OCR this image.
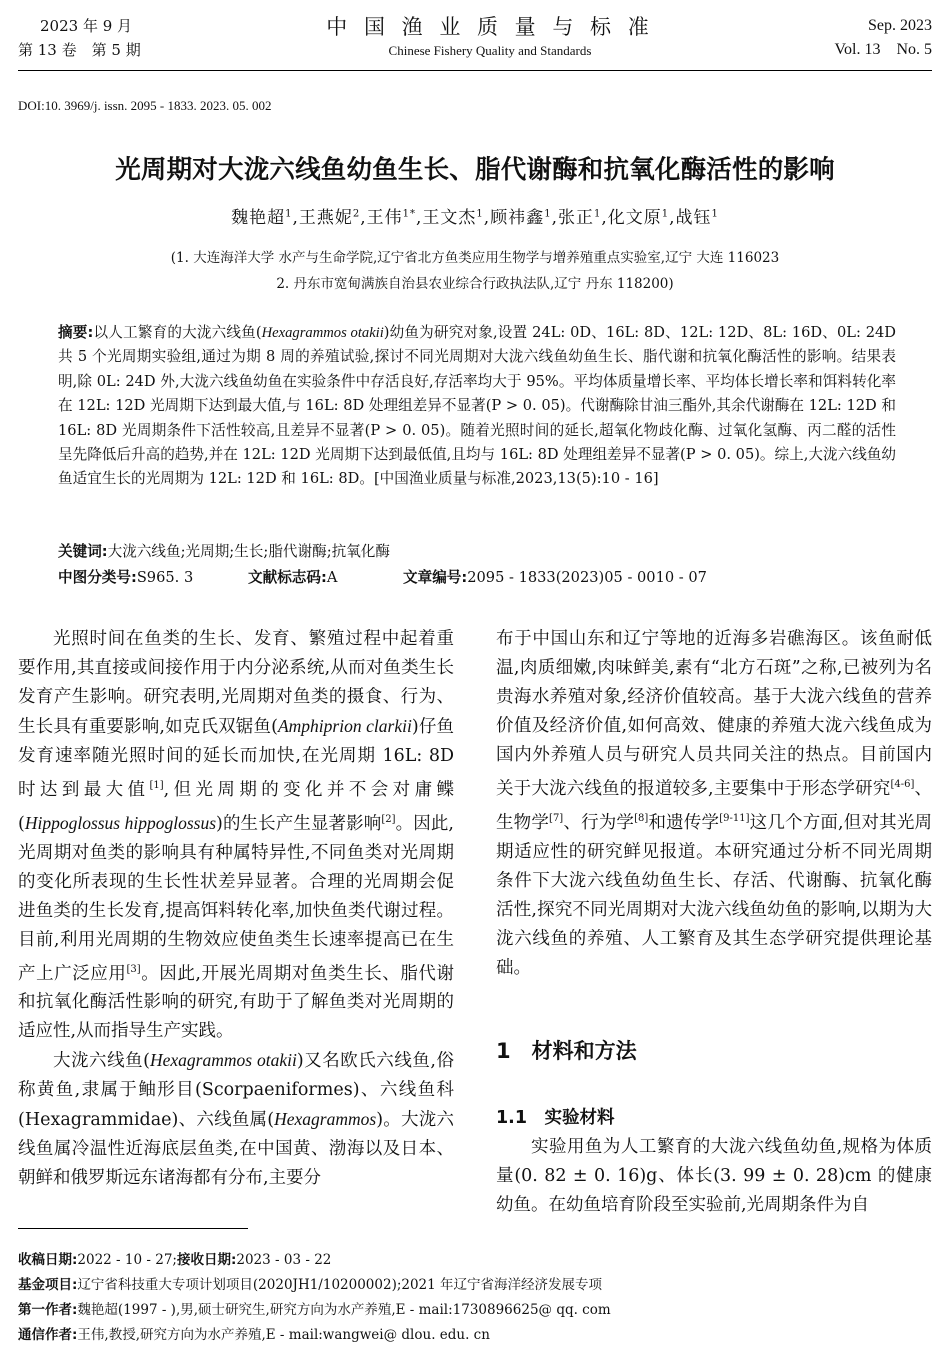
2023 年 9 月
第 13 卷　第 5 期
中 国 渔 业 质 量 与 标 准
Chinese Fishery Quality and Standards
Sep. 2023
Vol. 13　No. 5
DOI:10. 3969/j. issn. 2095 - 1833. 2023. 05. 002
光周期对大泷六线鱼幼鱼生长、脂代谢酶和抗氧化酶活性的影响
魏艳超$^1$,王燕妮$^2$,王伟$^{1*}$,王文杰$^1$,顾祎鑫$^1$,张正$^1$,化文原$^1$,战钰$^1$
(1. 大连海洋大学 水产与生命学院,辽宁省北方鱼类应用生物学与增养殖重点实验室,辽宁 大连 116023
2. 丹东市宽甸满族自治县农业综合行政执法队,辽宁 丹东 118200)
摘要:以人工繁育的大泷六线鱼(Hexagrammos otakii)幼鱼为研究对象,设置 24L: 0D、16L: 8D、12L: 12D、8L: 16D、0L: 24D 共 5 个光周期实验组,通过为期 8 周的养殖试验,探讨不同光周期对大泷六线鱼幼鱼生长、脂代谢和抗氧化酶活性的影响。结果表明,除 0L: 24D 外,大泷六线鱼幼鱼在实验条件中存活良好,存活率均大于 95%。平均体质量增长率、平均体长增长率和饵料转化率在 12L: 12D 光周期下达到最大值,与 16L: 8D 处理组差异不显著(P > 0. 05)。代谢酶除甘油三酯外,其余代谢酶在 12L: 12D 和 16L: 8D 光周期条件下活性较高,且差异不显著(P > 0. 05)。随着光照时间的延长,超氧化物歧化酶、过氧化氢酶、丙二醛的活性呈先降低后升高的趋势,并在 12L: 12D 光周期下达到最低值,且均与 16L: 8D 处理组差异不显著(P > 0. 05)。综上,大泷六线鱼幼鱼适宜生长的光周期为 12L: 12D 和 16L: 8D。[中国渔业质量与标准,2023,13(5):10 - 16]
关键词:大泷六线鱼;光周期;生长;脂代谢酶;抗氧化酶
中图分类号:S965. 3	文献标志码:A	文章编号:2095 - 1833(2023)05 - 0010 - 07

光照时间在鱼类的生长、发育、繁殖过程中起着重要作用,其直接或间接作用于内分泌系统,从而对鱼类生长发育产生影响。研究表明,光周期对鱼类的摄食、行为、生长具有重要影响,如克氏双锯鱼(Amphiprion clarkii)仔鱼发育速率随光照时间的延长而加快,在光周期 16L: 8D 时达到最大值[1],但光周期的变化并不会对庸鲽(Hippoglossus hippoglossus)的生长产生显著影响[2]。因此,光周期对鱼类的影响具有种属特异性,不同鱼类对光周期的变化所表现的生长性状差异显著。合理的光周期会促进鱼类的生长发育,提高饵料转化率,加快鱼类代谢过程。目前,利用光周期的生物效应使鱼类生长速率提高已在生产上广泛应用[3]。因此,开展光周期对鱼类生长、脂代谢和抗氧化酶活性影响的研究,有助于了解鱼类对光周期的适应性,从而指导生产实践。

大泷六线鱼(Hexagrammos otakii)又名欧氏六线鱼,俗称黄鱼,隶属于鲉形目(Scorpaeniformes)、六线鱼科(Hexagrammidae)、六线鱼属(Hexagrammos)。大泷六线鱼属冷温性近海底层鱼类,在中国黄、渤海以及日本、朝鲜和俄罗斯远东诸海都有分布,主要分

布于中国山东和辽宁等地的近海多岩礁海区。该鱼耐低温,肉质细嫩,肉味鲜美,素有“北方石斑”之称,已被列为名贵海水养殖对象,经济价值较高。基于大泷六线鱼的营养价值及经济价值,如何高效、健康的养殖大泷六线鱼成为国内外养殖人员与研究人员共同关注的热点。目前国内关于大泷六线鱼的报道较多,主要集中于形态学研究[4-6]、生物学[7]、行为学[8]和遗传学[9-11]这几个方面,但对其光周期适应性的研究鲜见报道。本研究通过分析不同光周期条件下大泷六线鱼幼鱼生长、存活、代谢酶、抗氧化酶活性,探究不同光周期对大泷六线鱼幼鱼的影响,以期为大泷六线鱼的养殖、人工繁育及其生态学研究提供理论基础。

1　材料和方法
1.1　实验材料

实验用鱼为人工繁育的大泷六线鱼幼鱼,规格为体质量(0. 82 ± 0. 16)g、体长(3. 99 ± 0. 28)cm 的健康幼鱼。在幼鱼培育阶段至实验前,光周期条件为自

收稿日期:2022 - 10 - 27;接收日期:2023 - 03 - 22
基金项目:辽宁省科技重大专项计划项目(2020JH1/10200002);2021 年辽宁省海洋经济发展专项
第一作者:魏艳超(1997 - ),男,硕士研究生,研究方向为水产养殖,E - mail:1730896625@ qq. com
通信作者:王伟,教授,研究方向为水产养殖,E - mail:wangwei@ dlou. edu. cn
